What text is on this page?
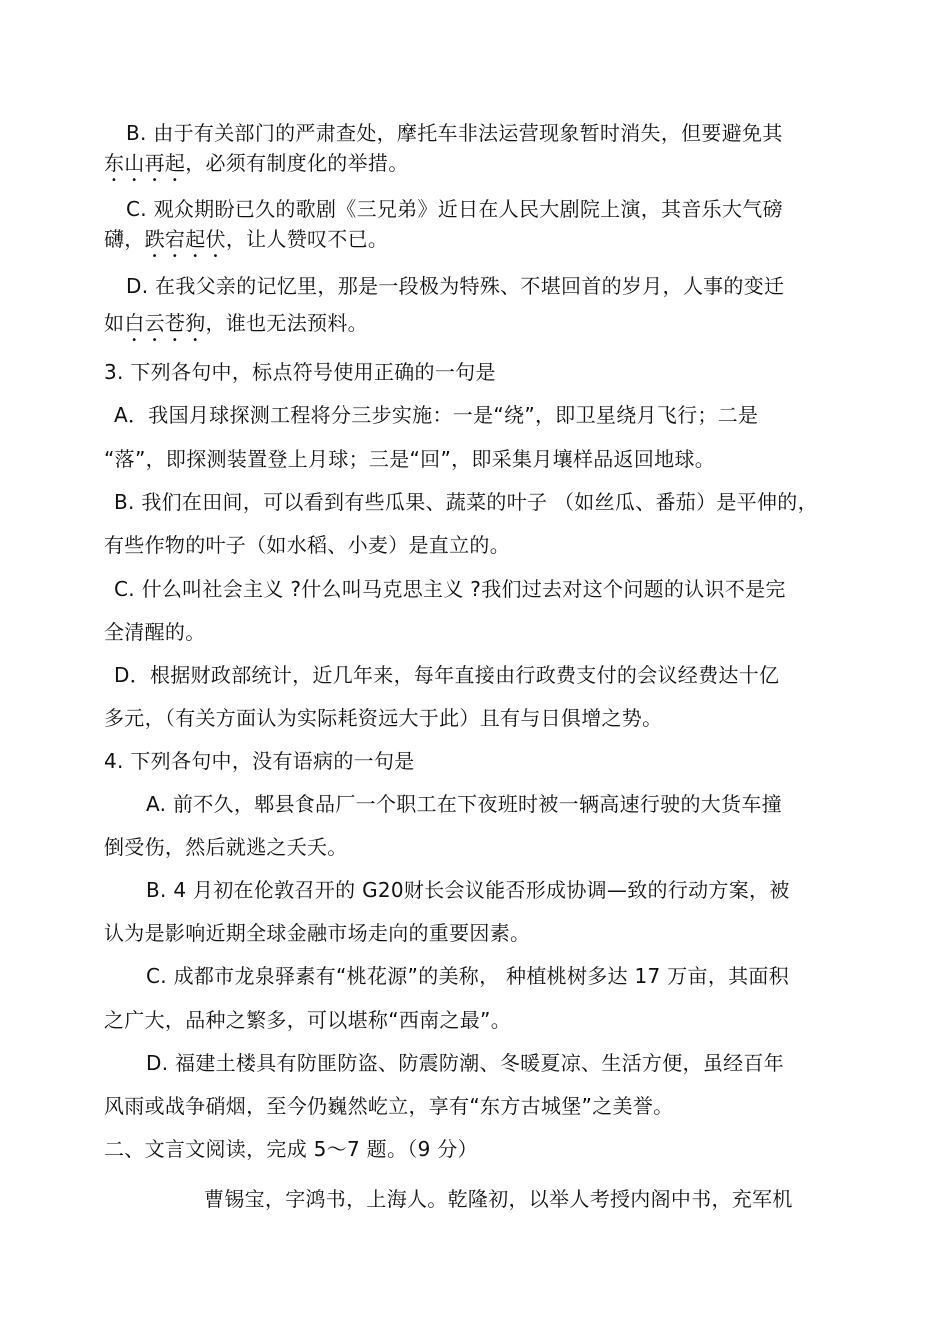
B. 由于有关部门的严肃查处，摩托车非法运营现象暂时消失，但要避免其
东山再起，必须有制度化的举措。
C. 观众期盼已久的歌剧《三兄弟》近日在人民大剧院上演，其音乐大气磅
礴，跌宕起伏，让人赞叹不已。
D. 在我父亲的记忆里，那是一段极为特殊、不堪回首的岁月，人事的变迁
如白云苍狗，谁也无法预料。
3. 下列各句中，标点符号使用正确的一句是
A．我国月球探测工程将分三步实施：一是“绕”，即卫星绕月飞行；二是
“落”，即探测装置登上月球；三是“回”，即采集月壤样品返回地球。
B. 我们在田间，可以看到有些瓜果、蔬菜的叶子 （如丝瓜、番茄）是平伸的，
有些作物的叶子（如水稻、小麦）是直立的。
C. 什么叫社会主义 ?什么叫马克思主义 ?我们过去对这个问题的认识不是完
全清醒的。
D．根据财政部统计，近几年来，每年直接由行政费支付的会议经费达十亿
多元，（有关方面认为实际耗资远大于此）且有与日俱增之势。
4. 下列各句中，没有语病的一句是
A. 前不久，郫县食品厂一个职工在下夜班时被一辆高速行驶的大货车撞
倒受伤，然后就逃之夭夭。
B. 4 月初在伦敦召开的 G20财长会议能否形成协调—致的行动方案，被
认为是影响近期全球金融市场走向的重要因素。
C. 成都市龙泉驿素有“桃花源”的美称， 种植桃树多达 17 万亩，其面积
之广大，品种之繁多，可以堪称“西南之最”。
D. 福建土楼具有防匪防盗、防震防潮、冬暖夏凉、生活方便，虽经百年
风雨或战争硝烟，至今仍巍然屹立，享有“东方古城堡”之美誉。
二、文言文阅读，完成 5～7 题。（9 分）
曹锡宝，字鸿书，上海人。乾隆初，以举人考授内阁中书，充军机
